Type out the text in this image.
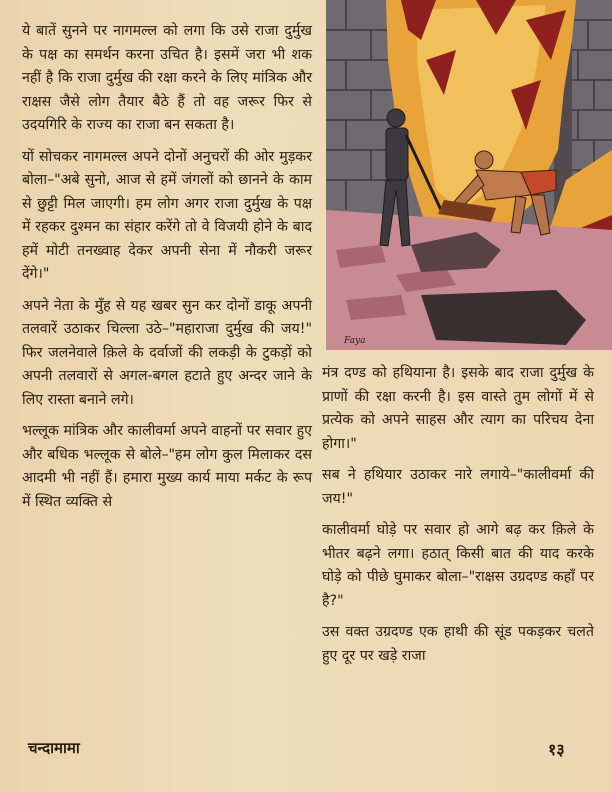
ये बातें सुनने पर नागमल्ल को लगा कि उसे राजा दुर्मुख के पक्ष का समर्थन करना उचित है। इसमें जरा भी शक नहीं है कि राजा दुर्मुख की रक्षा करने के लिए मांत्रिक और राक्षस जैसे लोग तैयार बैठे हैं तो वह जरूर फिर से उदयगिरि के राज्य का राजा बन सकता है।

यों सोचकर नागमल्ल अपने दोनों अनुचरों की ओर मुड़कर बोला–"अबे सुनो, आज से हमें जंगलों को छानने के काम से छुट्टी मिल जाएगी। हम लोग अगर राजा दुर्मुख के पक्ष में रहकर दुश्मन का संहार करेंगे तो वे विजयी होने के बाद हमें मोटी तनख्वाह देकर अपनी सेना में नौकरी जरूर देंगे।"

अपने नेता के मुँह से यह खबर सुन कर दोनों डाकू अपनी तलवारें उठाकर चिल्ला उठे–"महाराजा दुर्मुख की जय!" फिर जलनेवाले क़िले के दर्वाजों की लकड़ी के टुकड़ों को अपनी तलवारों से अगल-बगल हटाते हुए अन्दर जाने के लिए रास्ता बनाने लगे।

भल्लूक मांत्रिक और कालीवर्मा अपने वाहनों पर सवार हुए और बधिक भल्लूक से बोले–"हम लोग कुल मिलाकर दस आदमी भी नहीं हैं। हमारा मुख्य कार्य माया मर्कट के रूप में स्थित व्यक्ति से

Faya

मंत्र दण्ड को हथियाना है। इसके बाद राजा दुर्मुख के प्राणों की रक्षा करनी है। इस वास्ते तुम लोगों में से प्रत्येक को अपने साहस और त्याग का परिचय देना होगा।"

सब ने हथियार उठाकर नारे लगाये–"कालीवर्मा की जय!"

कालीवर्मा घोड़े पर सवार हो आगे बढ़ कर क़िले के भीतर बढ़ने लगा। हठात् किसी बात की याद करके घोड़े को पीछे घुमाकर बोला–"राक्षस उग्रदण्ड कहाँ पर है?"

उस वक्त उग्रदण्ड एक हाथी की सूंड पकड़कर चलते हुए दूर पर खड़े राजा

चन्दामामा	१३
